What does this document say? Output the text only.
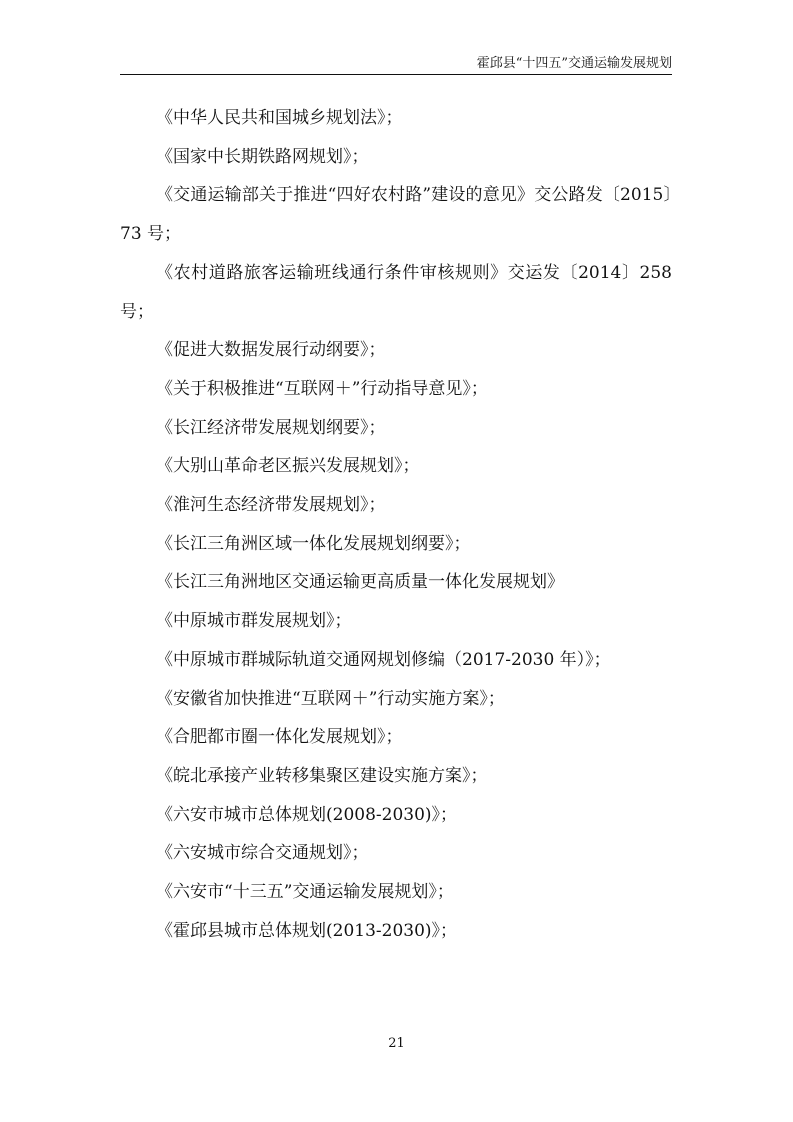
霍邱县“十四五”交通运输发展规划

《中华人民共和国城乡规划法》；

《国家中长期铁路网规划》；

《交通运输部关于推进“四好农村路”建设的意见》交公路发〔2015〕73 号；

《农村道路旅客运输班线通行条件审核规则》交运发〔2014〕258 号；

《促进大数据发展行动纲要》；

《关于积极推进“互联网＋”行动指导意见》；

《长江经济带发展规划纲要》；

《大别山革命老区振兴发展规划》；

《淮河生态经济带发展规划》；

《长江三角洲区域一体化发展规划纲要》；

《长江三角洲地区交通运输更高质量一体化发展规划》

《中原城市群发展规划》；

《中原城市群城际轨道交通网规划修编（2017-2030 年）》；

《安徽省加快推进“互联网＋”行动实施方案》；

《合肥都市圈一体化发展规划》；

《皖北承接产业转移集聚区建设实施方案》；

《六安市城市总体规划(2008-2030)》；

《六安城市综合交通规划》；

《六安市“十三五”交通运输发展规划》；

《霍邱县城市总体规划(2013-2030)》；

21
